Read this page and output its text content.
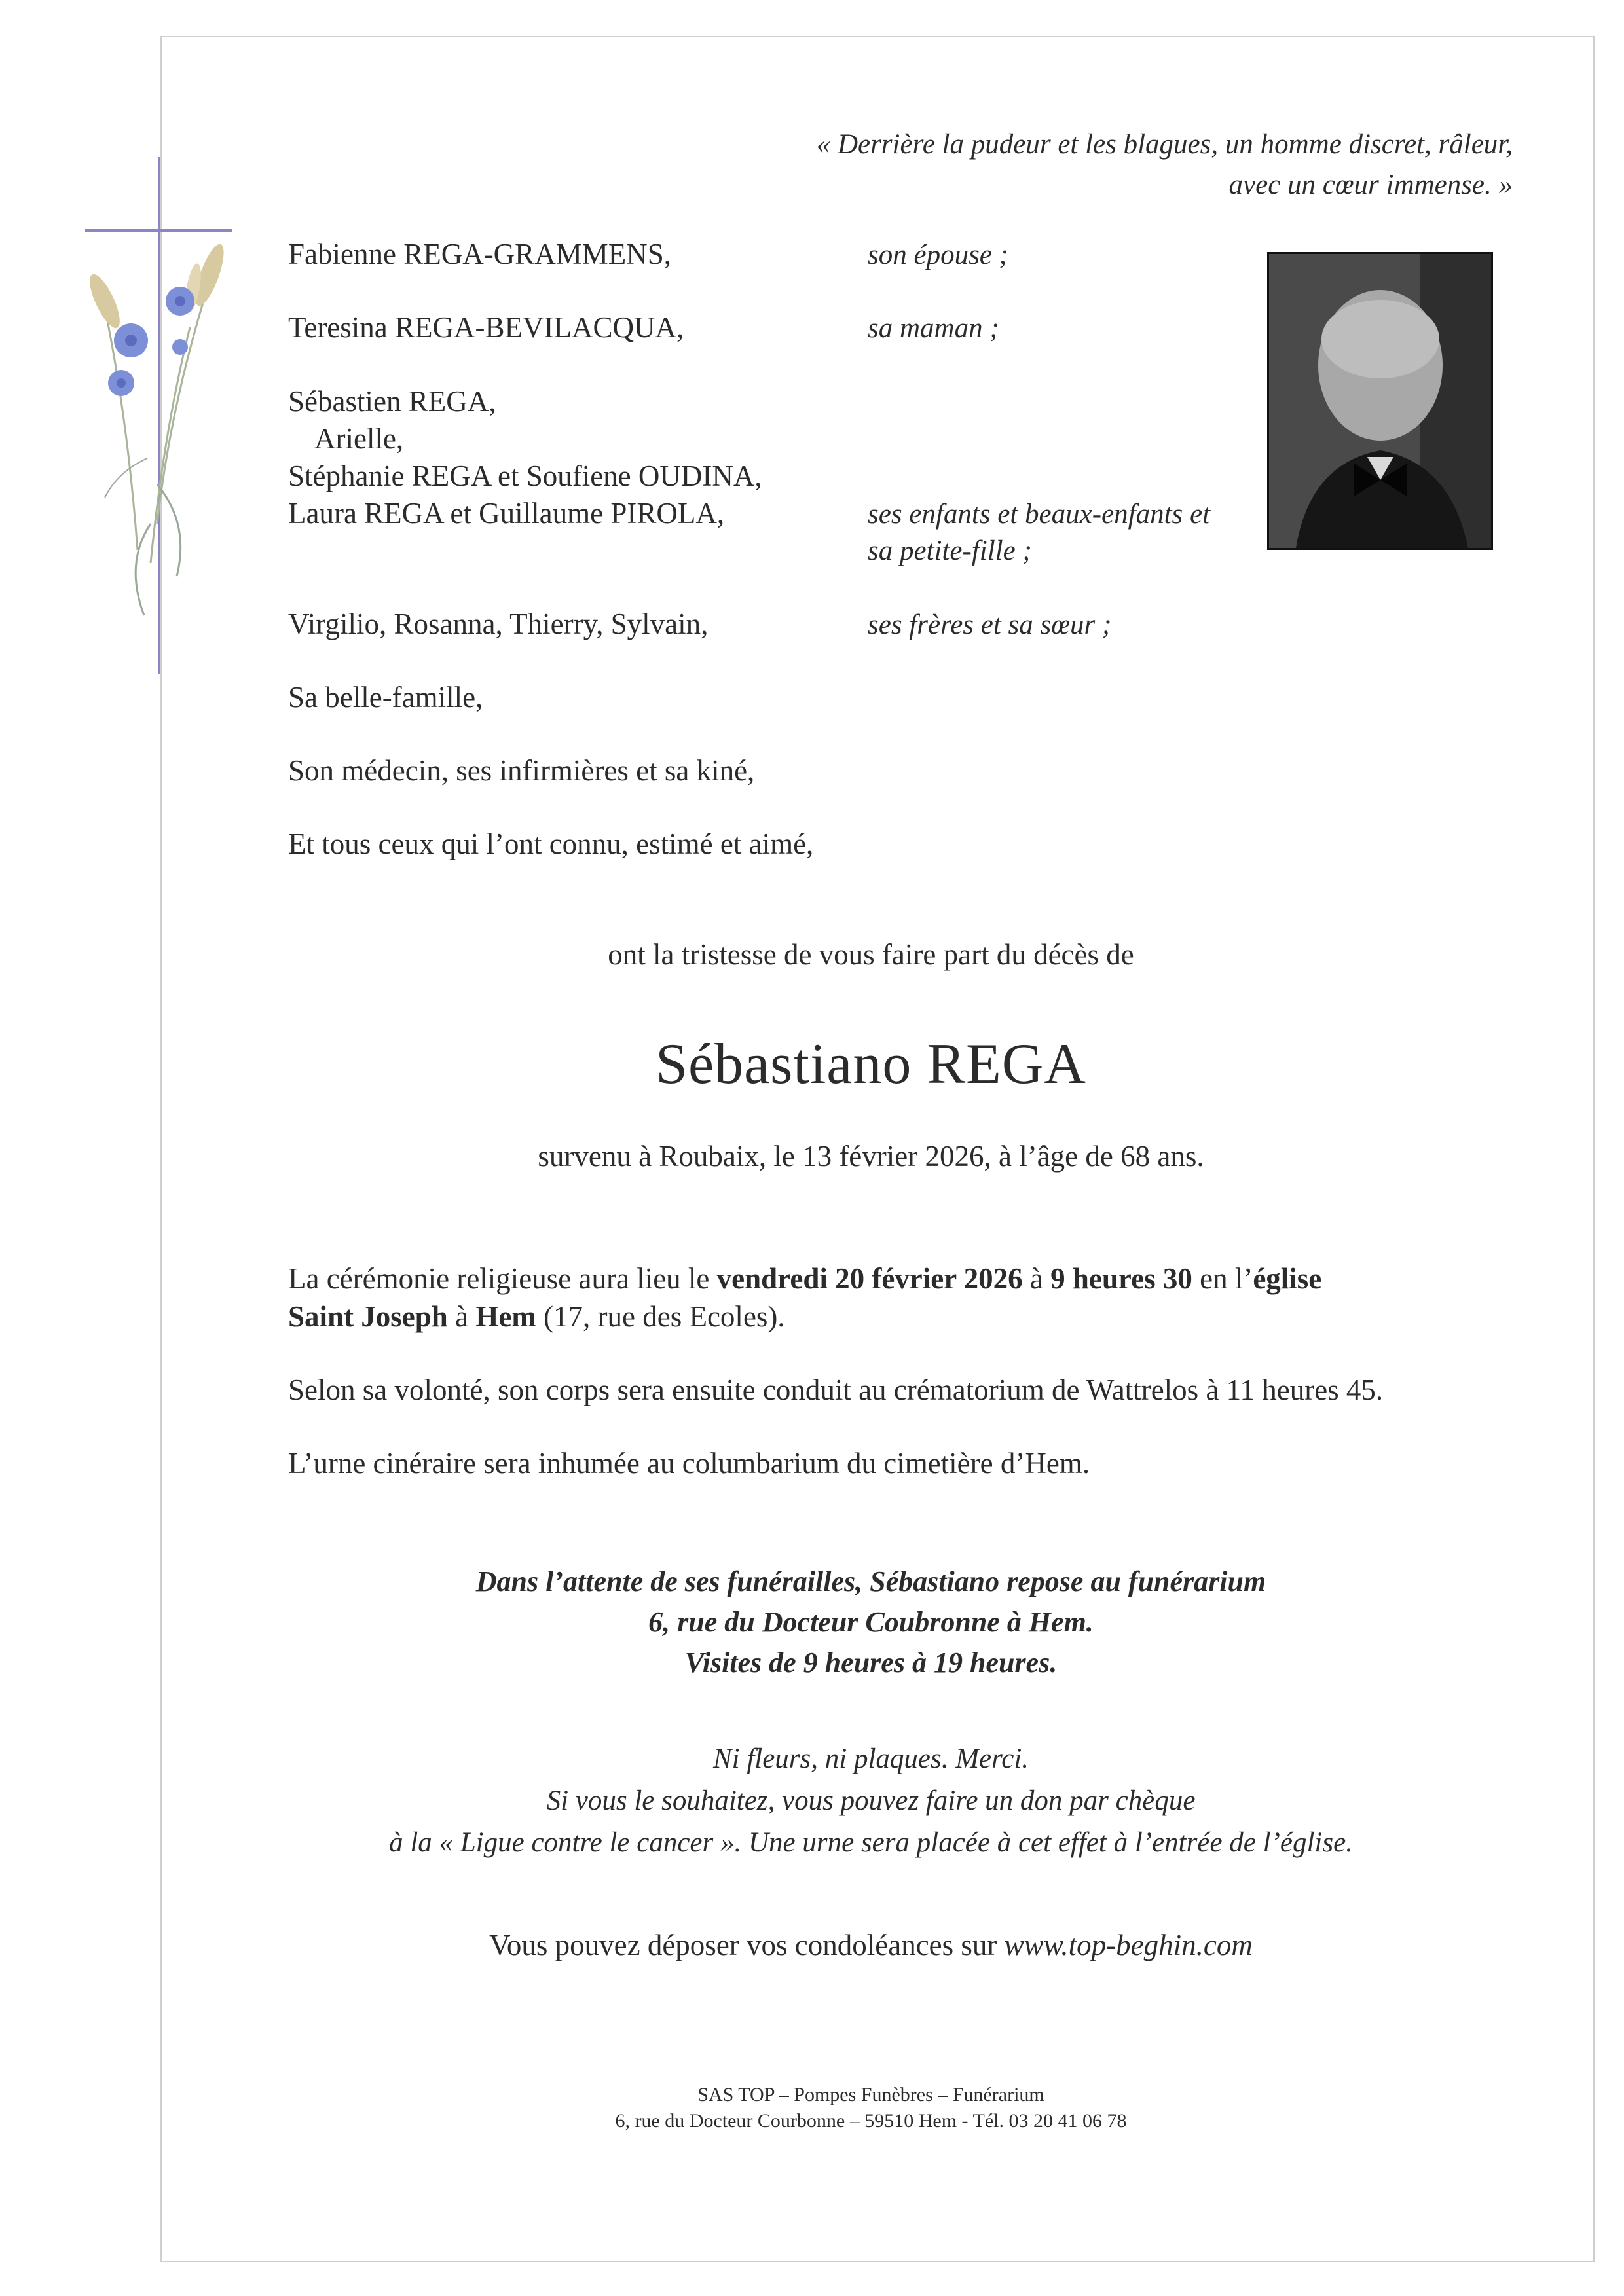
« Derrière la pudeur et les blagues, un homme discret, râleur,
avec un cœur immense. »
Fabienne REGA-GRAMMENS,	son épouse ;
Teresina REGA-BEVILACQUA,	sa maman ;
Sébastien REGA,
Arielle,
Stéphanie REGA et Soufiene OUDINA,
Laura REGA et Guillaume PIROLA,	ses enfants et beaux-enfants et
sa petite-fille ;
Virgilio, Rosanna, Thierry, Sylvain,	ses frères et sa sœur ;
Sa belle-famille,
Son médecin, ses infirmières et sa kiné,
Et tous ceux qui l’ont connu, estimé et aimé,
ont la tristesse de vous faire part du décès de
Sébastiano REGA
survenu à Roubaix, le 13 février 2026, à l’âge de 68 ans.
La cérémonie religieuse aura lieu le vendredi 20 février 2026 à 9 heures 30 en l’église
Saint Joseph à Hem (17, rue des Ecoles).
Selon sa volonté, son corps sera ensuite conduit au crématorium de Wattrelos à 11 heures 45.
L’urne cinéraire sera inhumée au columbarium du cimetière d’Hem.
Dans l’attente de ses funérailles, Sébastiano repose au funérarium
6, rue du Docteur Coubronne à Hem.
Visites de 9 heures à 19 heures.
Ni fleurs, ni plaques. Merci.
Si vous le souhaitez, vous pouvez faire un don par chèque
à la « Ligue contre le cancer ». Une urne sera placée à cet effet à l’entrée de l’église.
Vous pouvez déposer vos condoléances sur www.top-beghin.com
SAS TOP – Pompes Funèbres – Funérarium
6, rue du Docteur Courbonne – 59510 Hem - Tél. 03 20 41 06 78
